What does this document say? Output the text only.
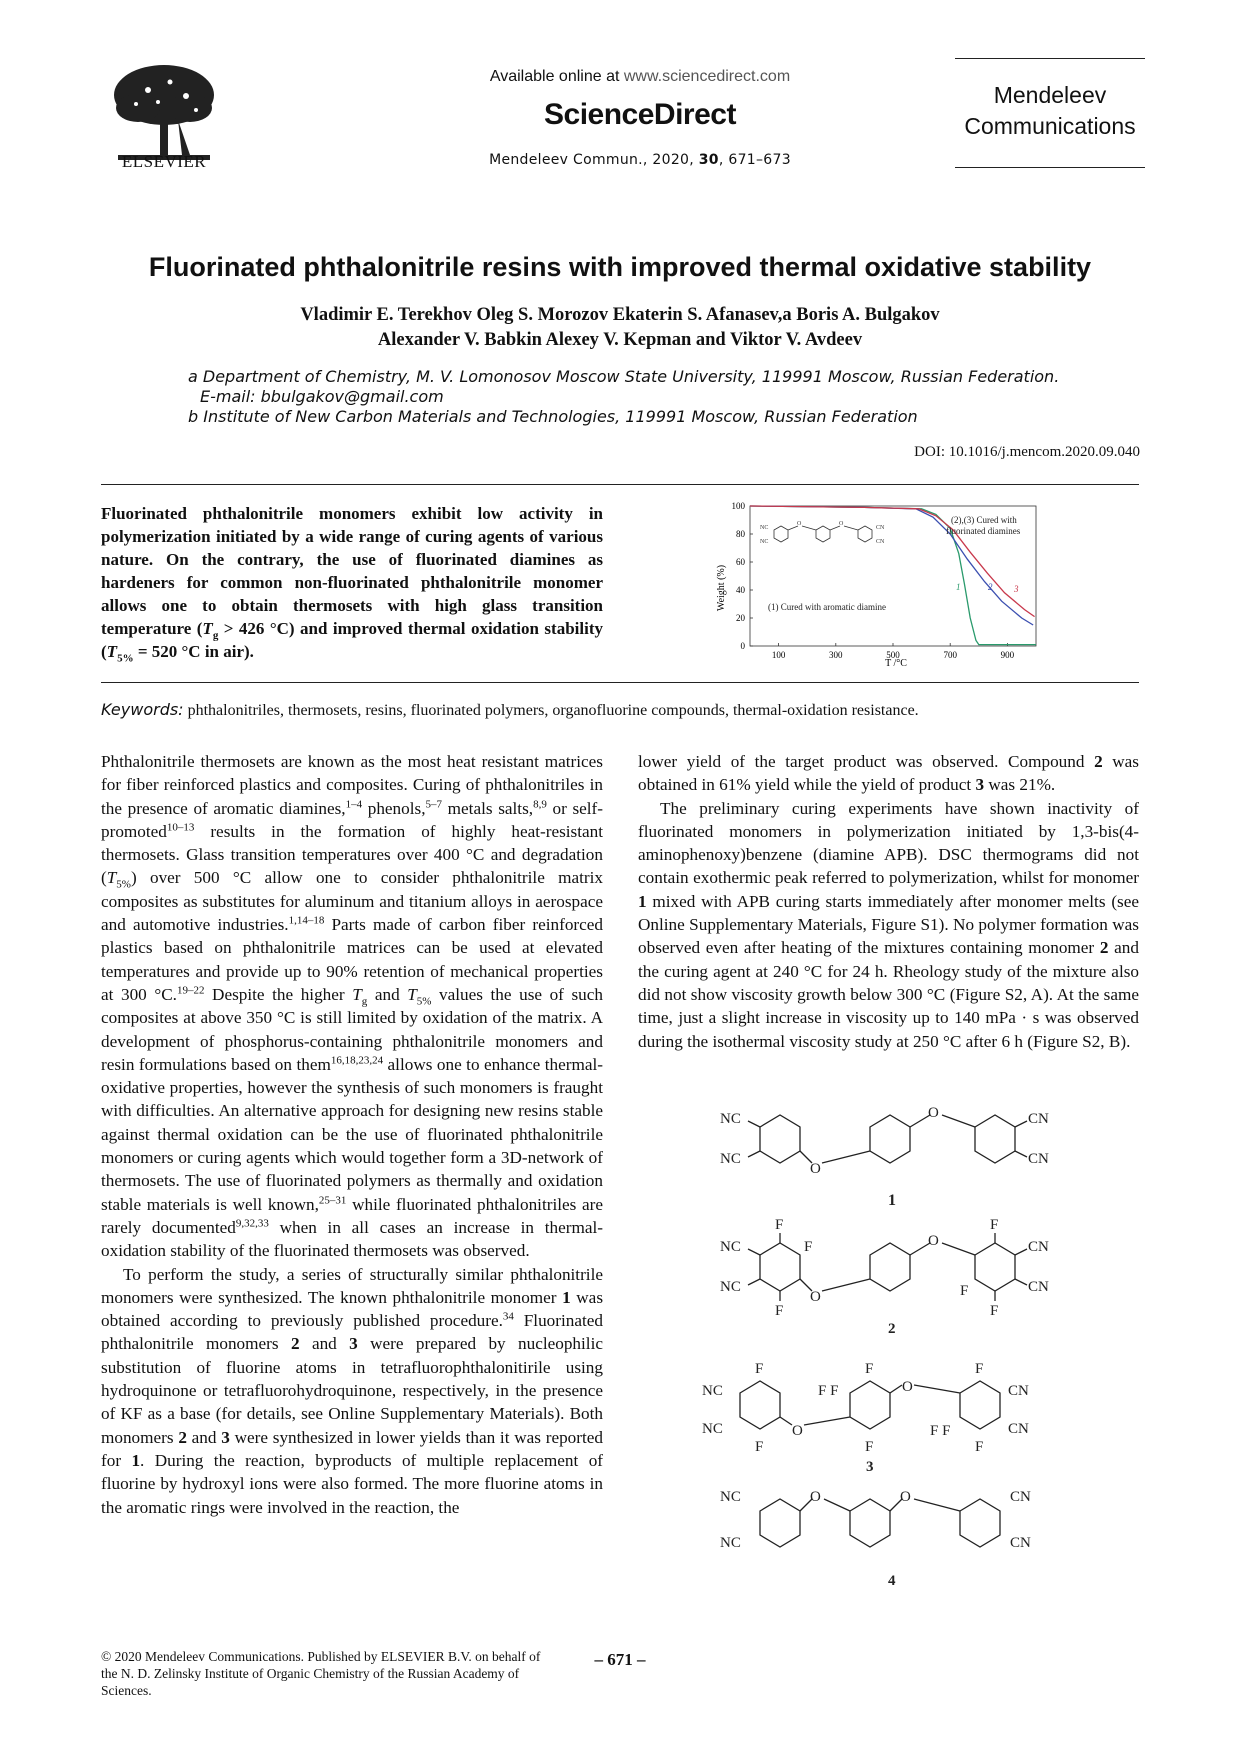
ELSEVIER
Available online at www.sciencedirect.com
ScienceDirect
Mendeleev Commun., 2020, 30, 671–673
Mendeleev
Communications
Fluorinated phthalonitrile resins with improved thermal oxidative stability
Vladimir E. Terekhov Oleg S. Morozov Ekaterin S. Afanasev,a Boris A. Bulgakov
Alexander V. Babkin Alexey V. Kepman and Viktor V. Avdeev

a Department of Chemistry, M. V. Lomonosov Moscow State University, 119991 Moscow, Russian Federation.

E-mail: bbulgakov@gmail.com

b Institute of New Carbon Materials and Technologies, 119991 Moscow, Russian Federation

DOI: 10.1016/j.mencom.2020.09.040
Fluorinated phthalonitrile monomers exhibit low activity in polymerization initiated by a wide range of curing agents of various nature. On the contrary, the use of fluorinated diamines as hardeners for common non-fluorinated phthalonitrile monomer allows one to obtain thermosets with high glass transition temperature ($T_g > 426$ °C) and improved thermal oxidation stability ($T_{5\%} = 520$ °C in air).	0
20
40
60
80
100
100	300	500	700	900
Weight (%)
T /°C
NC
NC
CN
CN
O	O	(2),(3) Cured with
fluorinated diamines
(1) Cured with aromatic diamine
1	2 3
Keywords: phthalonitriles, thermosets, resins, fluorinated polymers, organofluorine compounds, thermal-oxidation resistance.

Phthalonitrile thermosets are known as the most heat resistant matrices for fiber reinforced plastics and composites. Curing of phthalonitriles in the presence of aromatic diamines,$^{1-4}$ phenols,$^{5-7}$ metals salts,$^{8,9}$ or self-promoted$^{10-13}$ results in the formation of highly heat-resistant thermosets. Glass transition temperatures over 400 °C and degradation $(T_{5\%})$ over 500 °C allow one to consider phthalonitrile matrix composites as substitutes for aluminum and titanium alloys in aerospace and automotive industries.$^{1,14-18}$ Parts made of carbon fiber reinforced plastics based on phthalonitrile matrices can be used at elevated temperatures and provide up to 90% retention of mechanical properties at 300 °C.$^{19-22}$ Despite the higher $T_g$ and $T_{5\%}$ values the use of such composites at above 350 °C is still limited by oxidation of the matrix. A development of phosphorus-containing phthalonitrile monomers and resin formulations based on them$^{16,18,23,24}$ allows one to enhance thermal-oxidative properties, however the synthesis of such monomers is fraught with difficulties. An alternative approach for designing new resins stable against thermal oxidation can be the use of fluorinated phthalonitrile monomers or curing agents which would together form a 3D-network of thermosets. The use of fluorinated polymers as thermally and oxidation stable materials is well known,$^{25-31}$ while fluorinated phthalonitriles are rarely documented$^{9,32,33}$ when in all cases an increase in thermal-oxidation stability of the fluorinated thermosets was observed.

To perform the study, a series of structurally similar phthalonitrile monomers were synthesized. The known phthalonitrile monomer 1 was obtained according to previously published procedure.$^{34}$ Fluorinated phthalonitrile monomers 2 and 3 were prepared by nucleophilic substitution of fluorine atoms in tetrafluorophthalonitirile using hydroquinone or tetrafluorohydroquinone, respectively, in the presence of KF as a base (for details, see Online Supplementary Materials). Both monomers 2 and 3 were synthesized in lower yields than it was reported for 1. During the reaction, byproducts of multiple replacement of fluorine by hydroxyl ions were also formed. The more fluorine atoms in the aromatic rings were involved in the reaction, the

lower yield of the target product was observed. Compound 2 was obtained in 61% yield while the yield of product 3 was 21%.

The preliminary curing experiments have shown inactivity of fluorinated monomers in polymerization initiated by 1,3-bis(4-aminophenoxy)benzene (diamine APB). DSC thermograms did not contain exothermic peak referred to polymerization, whilst for monomer 1 mixed with APB curing starts immediately after monomer melts (see Online Supplementary Materials, Figure S1). No polymer formation was observed even after heating of the mixtures containing monomer 2 and the curing agent at 240 °C for 24 h. Rheology study of the mixture also did not show viscosity growth below 300 °C (Figure S2, A). At the same time, just a slight increase in viscosity up to 140 mPa · s was observed during the isothermal viscosity study at 250 °C after 6 h (Figure S2, B).

NC
NC
O
O	CN
CN
1
NC
NC
F
F
F
O
O
F
F
F
CN
CN
2
NC
NC
F
F
F F
O
F
F
O
F F
F
F
CN
CN
3
NC
NC
O	O	CN
CN
4
© 2020 Mendeleev Communications. Published by ELSEVIER B.V. on behalf of the N. D. Zelinsky Institute of Organic Chemistry of the Russian Academy of Sciences.
– 671 –
